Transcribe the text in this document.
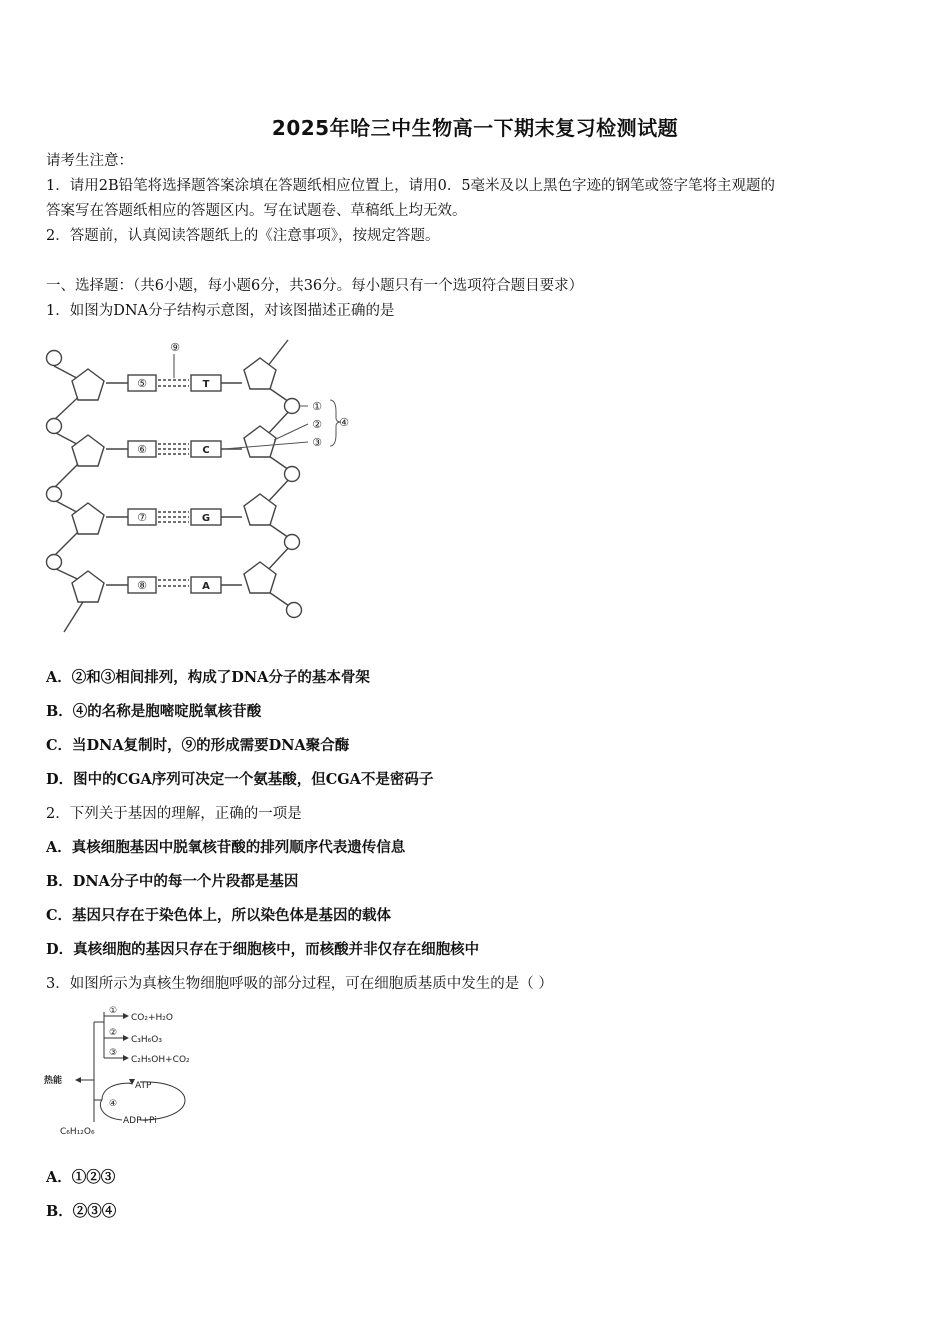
2025年哈三中生物高一下期末复习检测试题
请考生注意：
1．请用2B铅笔将选择题答案涂填在答题纸相应位置上，请用0．5毫米及以上黑色字迹的钢笔或签字笔将主观题的
答案写在答题纸相应的答题区内。写在试题卷、草稿纸上均无效。
2．答题前，认真阅读答题纸上的《注意事项》，按规定答题。
一、选择题：（共6小题，每小题6分，共36分。每小题只有一个选项符合题目要求）
1．如图为DNA分子结构示意图，对该图描述正确的是
⑤
⑥
⑦
⑧
T
C
G
A
⑨
①
②
③
④
A．②和③相间排列，构成了DNA分子的基本骨架
B．④的名称是胞嘧啶脱氧核苷酸
C．当DNA复制时，⑨的形成需要DNA聚合酶
D．图中的CGA序列可决定一个氨基酸，但CGA不是密码子
2．下列关于基因的理解，正确的一项是
A．真核细胞基因中脱氧核苷酸的排列顺序代表遗传信息
B．DNA分子中的每一个片段都是基因
C．基因只存在于染色体上，所以染色体是基因的载体
D．真核细胞的基因只存在于细胞核中，而核酸并非仅存在细胞核中
3．如图所示为真核生物细胞呼吸的部分过程，可在细胞质基质中发生的是（ ）
①
②
③
④
CO₂+H₂O
C₃H₆O₃
C₂H₅OH+CO₂
热能	ATP
ADP+Pi
C₆H₁₂O₆
A．①②③
B．②③④
